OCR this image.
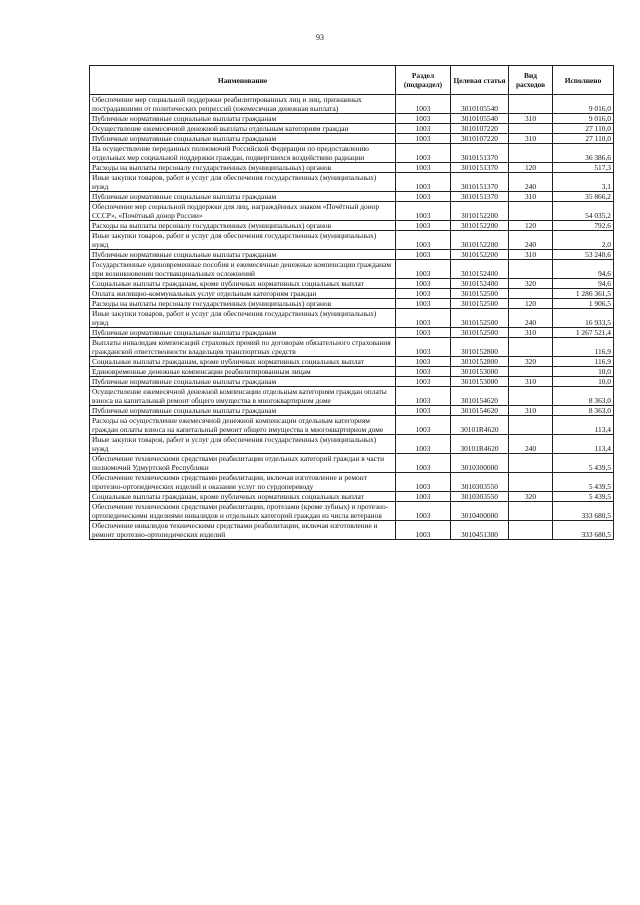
93
Наименование	Раздел (подраздел)	Целевая статья	Вид расходов	Исполнено
Обеспечение мер социальной поддержки реабилитированных лиц и лиц, признанных пострадавшими от политических репрессий (ежемесячная денежная выплата)	1003	3010105540		9 016,0
Публичные нормативные социальные выплаты гражданам	1003	3010105540	310	9 016,0
Осуществление ежемесячной денежной выплаты отдельным категориям граждан	1003	3010107220		27 110,0
Публичные нормативные социальные выплаты гражданам	1003	3010107220	310	27 110,0
На осуществление переданных полномочий Российской Федерации по предоставлению отдельных мер социальной поддержки граждан, подвергшихся воздействию радиации	1003	3010151370		36 386,6
Расходы на выплаты персоналу государственных (муниципальных) органов	1003	3010151370	120	517,3
Иные закупки товаров, работ и услуг для обеспечения государственных (муниципальных) нужд	1003	3010151370	240	3,1
Публичные нормативные социальные выплаты гражданам	1003	3010151370	310	35 866,2
Обеспечение мер социальной поддержки для лиц, награждённых знаком «Почётный донор СССР», «Почётный донор России»	1003	3010152200		54 035,2
Расходы на выплаты персоналу государственных (муниципальных) органов	1003	3010152200	120	792,6
Иные закупки товаров, работ и услуг для обеспечения государственных (муниципальных) нужд	1003	3010152200	240	2,0
Публичные нормативные социальные выплаты гражданам	1003	3010152200	310	53 240,6
Государственные единовременные пособия и ежемесячные денежные компенсации гражданам при возникновении поствакцинальных осложнений	1003	3010152400		94,6
Социальные выплаты гражданам, кроме публичных нормативных социальных выплат	1003	3010152400	320	94,6
Оплата жилищно-коммунальных услуг отдельным категориям граждан	1003	3010152500		1 286 361,5
Расходы на выплаты персоналу государственных (муниципальных) органов	1003	3010152500	120	1 906,5
Иные закупки товаров, работ и услуг для обеспечения государственных (муниципальных) нужд	1003	3010152500	240	16 933,5
Публичные нормативные социальные выплаты гражданам	1003	3010152500	310	1 267 521,4
Выплаты инвалидам компенсаций страховых премий по договорам обязательного страхования гражданской ответственности владельцев транспортных средств	1003	3010152800		116,9
Социальные выплаты гражданам, кроме публичных нормативных социальных выплат	1003	3010152800	320	116,9
Единовременные денежные компенсации реабилитированным лицам	1003	3010153000		10,0
Публичные нормативные социальные выплаты гражданам	1003	3010153000	310	10,0
Осуществление ежемесячной денежной компенсации отдельным категориям граждан оплаты взноса на капитальный ремонт общего имущества в многоквартирном доме	1003	3010154620		8 363,0
Публичные нормативные социальные выплаты гражданам	1003	3010154620	310	8 363,0
Расходы на осуществление ежемесячной денежной компенсации отдельным категориям граждан оплаты взноса на капитальный ремонт общего имущества в многоквартирном доме	1003	30101R4620		113,4
Иные закупки товаров, работ и услуг для обеспечения государственных (муниципальных) нужд	1003	30101R4620	240	113,4
Обеспечение техническими средствами реабилитации отдельных категорий граждан в части полномочий Удмуртской Республики	1003	3010300000		5 439,5
Обеспечение техническими средствами реабилитации, включая изготовление и ремонт протезно-ортопедических изделий и оказание услуг по сурдопереводу	1003	3010303550		5 439,5
Социальные выплаты гражданам, кроме публичных нормативных социальных выплат	1003	3010303550	320	5 439,5
Обеспечение техническими средствами реабилитации, протезами (кроме зубных) и протезно- ортопедическими изделиями инвалидов и отдельных категорий граждан из числа ветеранов	1003	3010400000		333 680,5
Обеспечение инвалидов техническими средствами реабилитации, включая изготовление и ремонт протезно-ортопедических изделий	1003	3010451300		333 680,5
